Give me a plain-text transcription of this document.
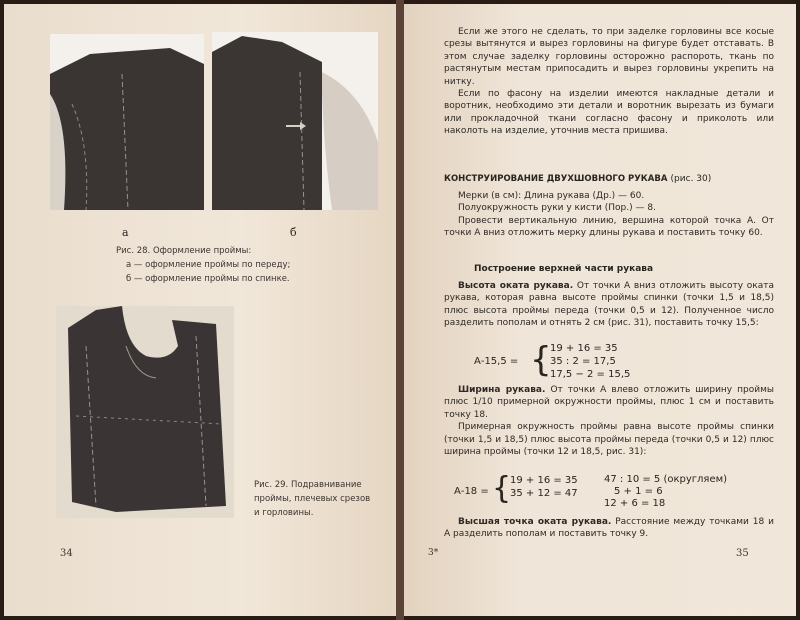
а	б
Рис. 28. Оформление проймы:
а — оформление проймы по переду;
б — оформление проймы по спинке.
Рис. 29. Подравнивание
проймы, плечевых срезов
и горловины.
34

Если же этого не сделать, то при заделке горловины все косые срезы вытянутся и вырез горловины на фигуре будет отставать. В этом случае заделку горловины осторожно распороть, ткань по растянутым местам припосадить и вырез горловины укрепить на нитку.

Если по фасону на изделии имеются накладные детали и воротник, необходимо эти детали и воротник вырезать из бумаги или прокладочной ткани согласно фасону и приколоть или наколоть на изделие, уточнив места пришива.

КОНСТРУИРОВАНИЕ ДВУХШОВНОГО РУКАВА (рис. 30)

Мерки (в см): Длина рукава (Др.) — 60.

Полуокружность руки у кисти (Пор.) — 8.

Провести вертикальную линию, вершина которой точка А. От точки А вниз отложить мерку длины рукава и поставить точку 60.

Построение верхней части рукава

Высота оката рукава. От точки А вниз отложить высоту оката рукава, которая равна высоте проймы спинки (точки 1,5 и 18,5) плюс высота проймы переда (точки 0,5 и 12). Полученное число разделить пополам и отнять 2 см (рис. 31), поставить точку 15,5:

А-15,5 = {
19 + 16 = 35
35 : 2 = 17,5
17,5 − 2 = 15,5

Ширина рукава. От точки А влево отложить ширину проймы плюс 1/10 примерной окружности проймы, плюс 1 см и поставить точку 18.

Примерная окружность проймы равна высоте проймы спинки (точки 1,5 и 18,5) плюс высота проймы переда (точки 0,5 и 12) плюс ширина проймы (точки 12 и 18,5, рис. 31):

А-18 = {
19 + 16 = 35
35 + 12 = 47
47 : 10 = 5 (округляем)
5 + 1 = 6
12 + 6 = 18

Высшая точка оката рукава. Расстояние между точками 18 и А разделить пополам и поставить точку 9.

3*	35
PassionForum.ru
